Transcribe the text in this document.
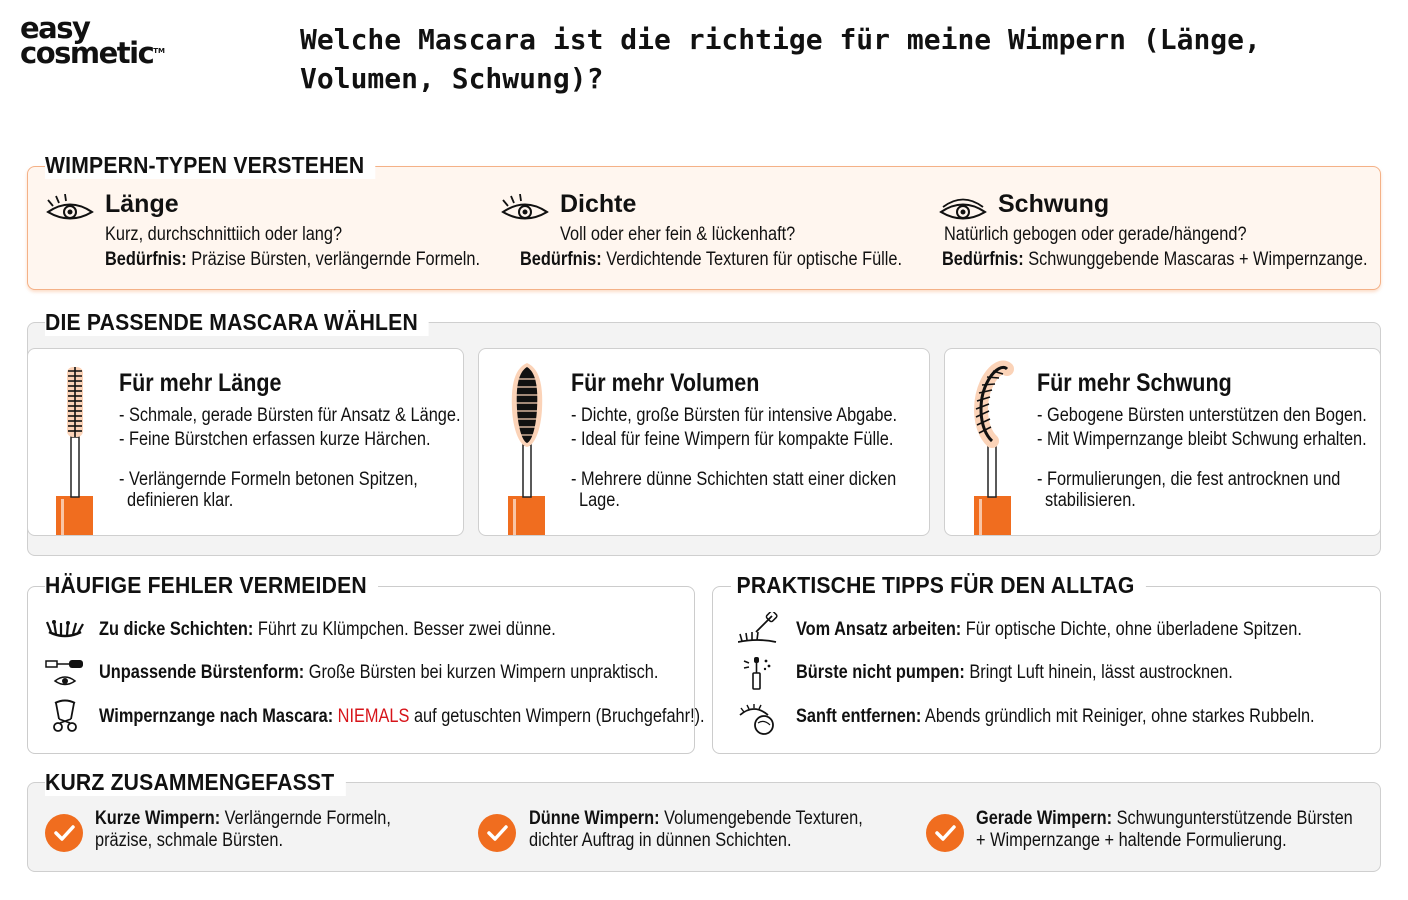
easy
cosmetic™	Welche Mascara ist die richtige für meine Wimpern (Länge, Volumen, Schwung)?
WIMPERN-TYPEN VERSTEHEN
Länge
Kurz, durchschnittiich oder lang?
Bedürfnis: Präzise Bürsten, verlängernde Formeln.
Dichte
Voll oder eher fein & lückenhaft?
Bedürfnis: Verdichtende Texturen für optische Fülle.
Schwung
Natürlich gebogen oder gerade/hängend?
Bedürfnis: Schwunggebende Mascaras + Wimpernzange.
DIE PASSENDE MASCARA WÄHLEN
Für mehr Länge
- Schmale, gerade Bürsten für Ansatz & Länge.
- Feine Bürstchen erfassen kurze Härchen.
- Verlängernde Formeln betonen Spitzen,
definieren klar.
Für mehr Volumen
- Dichte, große Bürsten für intensive Abgabe.
- Ideal für feine Wimpern für kompakte Fülle.
- Mehrere dünne Schichten statt einer dicken
Lage.
Für mehr Schwung
- Gebogene Bürsten unterstützen den Bogen.
- Mit Wimpernzange bleibt Schwung erhalten.
- Formulierungen, die fest antrocknen und
stabilisieren.
HÄUFIGE FEHLER VERMEIDEN
Zu dicke Schichten: Führt zu Klümpchen. Besser zwei dünne.
Unpassende Bürstenform: Große Bürsten bei kurzen Wimpern unpraktisch.
Wimpernzange nach Mascara: NIEMALS auf getuschten Wimpern (Bruchgefahr!).
PRAKTISCHE TIPPS FÜR DEN ALLTAG
Vom Ansatz arbeiten: Für optische Dichte, ohne überladene Spitzen.
Bürste nicht pumpen: Bringt Luft hinein, lässt austrocknen.
Sanft entfernen: Abends gründlich mit Reiniger, ohne starkes Rubbeln.
KURZ ZUSAMMENGEFASST
Kurze Wimpern: Verlängernde Formeln,
präzise, schmale Bürsten.
Dünne Wimpern: Volumengebende Texturen,
dichter Auftrag in dünnen Schichten.
Gerade Wimpern: Schwungunterstützende Bürsten
+ Wimpernzange + haltende Formulierung.
